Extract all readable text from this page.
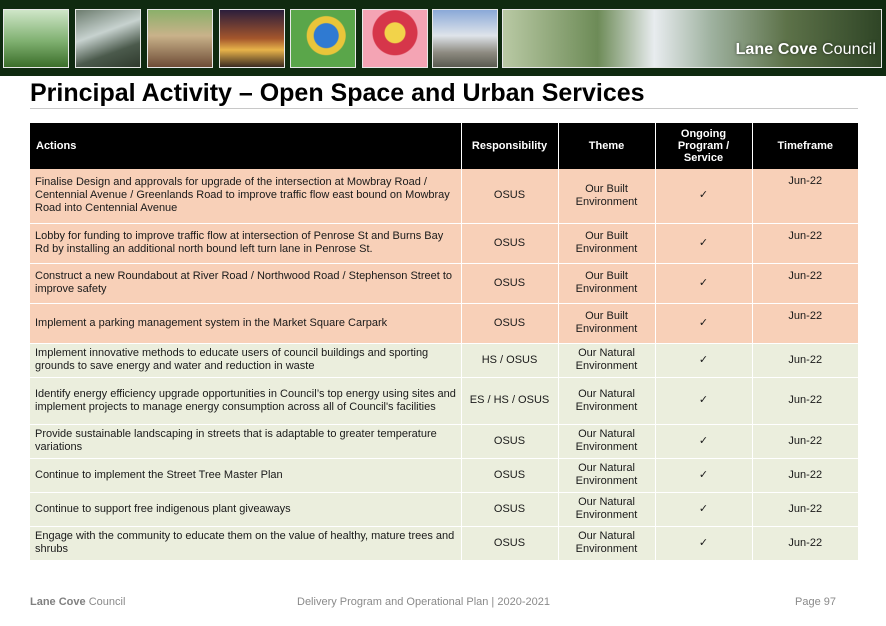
Lane Cove Council
Principal Activity – Open Space and Urban Services
Actions	Responsibility	Theme	Ongoing Program / Service	Timeframe
Finalise Design and approvals for upgrade of the intersection at Mowbray Road / Centennial Avenue / Greenlands Road to improve traffic flow east bound on Mowbray Road into Centennial Avenue	OSUS	Our Built Environment	✓	Jun-22
Lobby for funding to improve traffic flow at intersection of Penrose St and Burns Bay Rd by installing an additional north bound left turn lane in Penrose St.	OSUS	Our Built Environment	✓	Jun-22
Construct a new Roundabout at River Road / Northwood Road / Stephenson Street to improve safety	OSUS	Our Built Environment	✓	Jun-22
Implement a parking management system in the Market Square Carpark	OSUS	Our Built Environment	✓	Jun-22
Implement innovative methods to educate users of council buildings and sporting grounds to save energy and water and reduction in waste	HS / OSUS	Our Natural Environment	✓	Jun-22
Identify energy efficiency upgrade opportunities in Council’s top energy using sites and implement projects to manage energy consumption across all of Council's facilities	ES / HS / OSUS	Our Natural Environment	✓	Jun-22
Provide sustainable landscaping in streets that is adaptable to greater temperature variations	OSUS	Our Natural Environment	✓	Jun-22
Continue to implement the Street Tree Master Plan	OSUS	Our Natural Environment	✓	Jun-22
Continue to support free indigenous plant giveaways	OSUS	Our Natural Environment	✓	Jun-22
Engage with the community to educate them on the value of healthy, mature trees and shrubs	OSUS	Our Natural Environment	✓	Jun-22
Lane Cove Council	Delivery Program and Operational Plan | 2020-2021	Page 97
